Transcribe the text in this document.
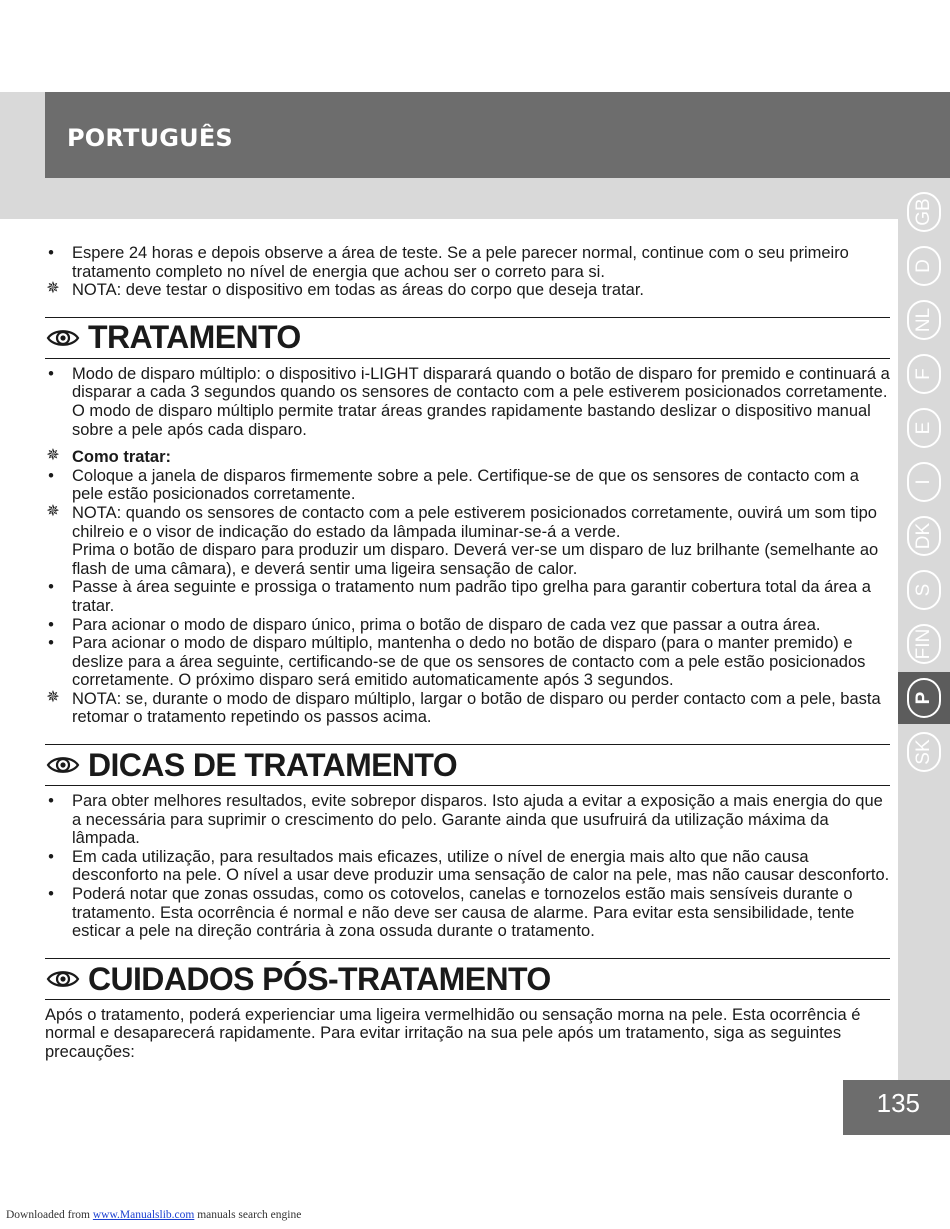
PORTUGUÊS
GB
D
NL
F
E
I
DK
S
FIN
P
SK

• Espere 24 horas e depois observe a área de teste. Se a pele parecer normal, continue com o seu primeiro tratamento completo no nível de energia que achou ser o correto para si.

✵ NOTA: deve testar o dispositivo em todas as áreas do corpo que deseja tratar.

TRATAMENTO

• Modo de disparo múltiplo: o dispositivo i-LIGHT disparará quando o botão de disparo for premido e continuará a disparar a cada 3 segundos quando os sensores de contacto com a pele estiverem posicionados corretamente. O modo de disparo múltiplo permite tratar áreas grandes rapidamente bastando deslizar o dispositivo manual sobre a pele após cada disparo.

✵ Como tratar:

• Coloque a janela de disparos firmemente sobre a pele. Certifique-se de que os sensores de contacto com a pele estão posicionados corretamente.

✵ NOTA: quando os sensores de contacto com a pele estiverem posicionados corretamente, ouvirá um som tipo chilreio e o visor de indicação do estado da lâmpada iluminar-se-á a verde.

Prima o botão de disparo para produzir um disparo. Deverá ver-se um disparo de luz brilhante (semelhante ao flash de uma câmara), e deverá sentir uma ligeira sensação de calor.

• Passe à área seguinte e prossiga o tratamento num padrão tipo grelha para garantir cobertura total da área a tratar.

• Para acionar o modo de disparo único, prima o botão de disparo de cada vez que passar a outra área.

• Para acionar o modo de disparo múltiplo, mantenha o dedo no botão de disparo (para o manter premido) e deslize para a área seguinte, certificando-se de que os sensores de contacto com a pele estão posicionados corretamente. O próximo disparo será emitido automaticamente após 3 segundos.

✵ NOTA: se, durante o modo de disparo múltiplo, largar o botão de disparo ou perder contacto com a pele, basta retomar o tratamento repetindo os passos acima.

DICAS DE TRATAMENTO

• Para obter melhores resultados, evite sobrepor disparos. Isto ajuda a evitar a exposição a mais energia do que a necessária para suprimir o crescimento do pelo. Garante ainda que usufruirá da utilização máxima da lâmpada.

• Em cada utilização, para resultados mais eficazes, utilize o nível de energia mais alto que não causa desconforto na pele. O nível a usar deve produzir uma sensação de calor na pele, mas não causar desconforto.

• Poderá notar que zonas ossudas, como os cotovelos, canelas e tornozelos estão mais sensíveis durante o tratamento. Esta ocorrência é normal e não deve ser causa de alarme. Para evitar esta sensibilidade, tente esticar a pele na direção contrária à zona ossuda durante o tratamento.

CUIDADOS PÓS-TRATAMENTO

Após o tratamento, poderá experienciar uma ligeira vermelhidão ou sensação morna na pele. Esta ocorrência é normal e desaparecerá rapidamente. Para evitar irritação na sua pele após um tratamento, siga as seguintes precauções:

135
Downloaded from www.Manualslib.com manuals search engine
